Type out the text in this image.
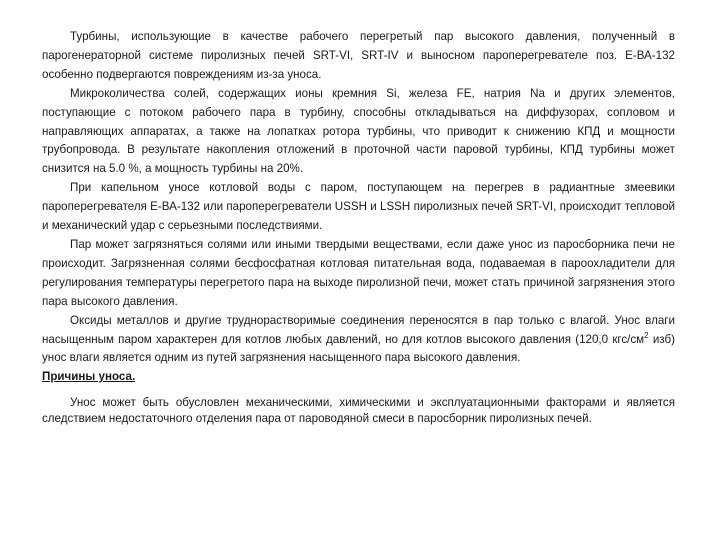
Турбины, использующие в качестве рабочего перегретый пар высокого давления, полученный в парогенераторной системе пиролизных печей SRT-VI, SRT-IV и выносном пароперегревателе поз. Е-ВА-132 особенно подвергаются повреждениям из-за уноса.

Микроколичества солей, содержащих ионы кремния Si, железа FE, натрия Na и других элементов, поступающие с потоком рабочего пара в турбину, способны откладываться на диффузорах, сопловом и направляющих аппаратах, а также на лопатках ротора турбины, что приводит к снижению КПД и мощности трубопровода. В результате накопления отложений в проточной части паровой турбины, КПД турбины может снизится на 5.0 %, а мощность турбины на 20%.

При капельном уносе котловой воды с паром, поступающем на перегрев в радиантные змеевики пароперегревателя Е-ВА-132 или пароперегреватели USSH и LSSH пиролизных печей SRT-VI, происходит тепловой и механический удар с серьезными последствиями.

Пар может загрязняться солями или иными твердыми веществами, если даже унос из паросборника печи не происходит. Загрязненная солями бесфосфатная котловая питательная вода, подаваемая в пароохладители для регулирования температуры перегретого пара на выходе пиролизной печи, может стать причиной загрязнения этого пара высокого давления.

Оксиды металлов и другие труднорастворимые соединения переносятся в пар только с влагой. Унос влаги насыщенным паром характерен для котлов любых давлений, но для котлов высокого давления (120,0 кгс/$см^2$ изб) унос влаги является одним из путей загрязнения насыщенного пара высокого давления.

Причины уноса.

Унос может быть обусловлен механическими, химическими и эксплуатационными факторами и является следствием недостаточного отделения пара от пароводяной смеси в паросборник пиролизных печей.
